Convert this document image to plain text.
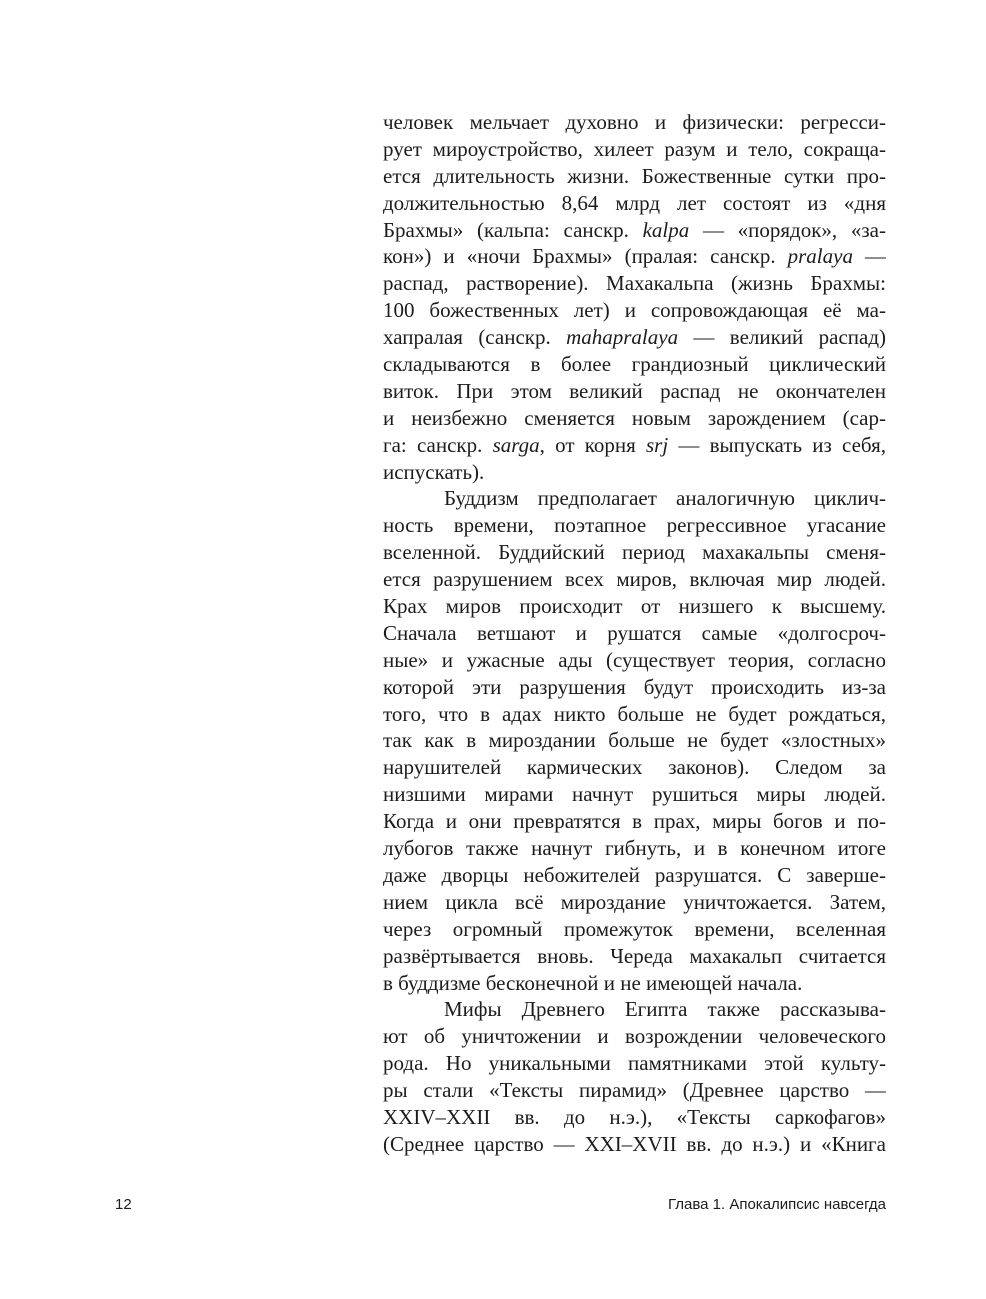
человек мельчает духовно и физически: регресси-
рует мироустройство, хилеет разум и тело, сокраща-
ется длительность жизни. Божественные сутки про-
должительностью 8,64 млрд лет состоят из «дня
Брахмы» (кальпа: санскр. kalpa — «порядок», «за-
кон») и «ночи Брахмы» (пралая: санскр. pralaya —
распад, растворение). Махакальпа (жизнь Брахмы:
100 божественных лет) и сопровождающая её ма-
хапралая (санскр. mahapralaya — великий распад)
складываются в более грандиозный циклический
виток. При этом великий распад не окончателен
и неизбежно сменяется новым зарождением (сар-
га: санскр. sarga, от корня srj — выпускать из себя,
испускать).
Буддизм предполагает аналогичную циклич-
ность времени, поэтапное регрессивное угасание
вселенной. Буддийский период махакальпы сменя-
ется разрушением всех миров, включая мир людей.
Крах миров происходит от низшего к высшему.
Сначала ветшают и рушатся самые «долгосроч-
ные» и ужасные ады (существует теория, согласно
которой эти разрушения будут происходить из-за
того, что в адах никто больше не будет рождаться,
так как в мироздании больше не будет «злостных»
нарушителей кармических законов). Следом за
низшими мирами начнут рушиться миры людей.
Когда и они превратятся в прах, миры богов и по-
лубогов также начнут гибнуть, и в конечном итоге
даже дворцы небожителей разрушатся. С заверше-
нием цикла всё мироздание уничтожается. Затем,
через огромный промежуток времени, вселенная
развёртывается вновь. Череда махакальп считается
в буддизме бесконечной и не имеющей начала.
Мифы Древнего Египта также рассказыва-
ют об уничтожении и возрождении человеческого
рода. Но уникальными памятниками этой культу-
ры стали «Тексты пирамид» (Древнее царство —
XXIV–XXII вв. до н.э.), «Тексты саркофагов»
(Среднее царство — XXI–XVII вв. до н.э.) и «Книга
12	Глава 1. Апокалипсис навсегда
